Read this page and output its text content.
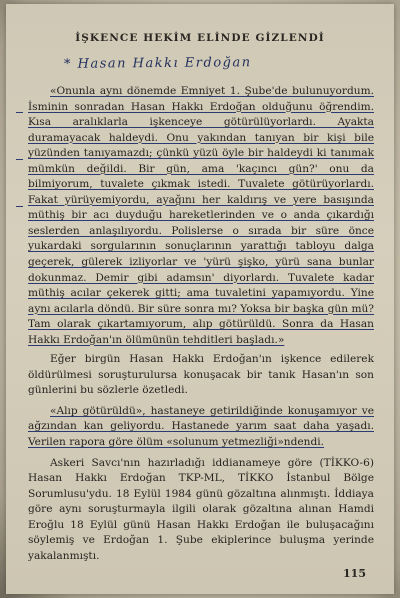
İŞKENCE HEKİM ELİNDE GİZLENDİ
* Hasan Hakkı Erdoğan

«Onunla aynı dönemde Emniyet 1. Şube'de bulunuyordum. İsminin sonradan Hasan Hakkı Erdoğan olduğunu öğrendim. Kısa aralıklarla işkenceye götürülüyorlardı. Ayakta duramayacak haldeydi. Onu yakından tanıyan bir kişi bile yüzünden tanıyamazdı; çünkü yüzü öyle bir haldeydi ki tanımak mümkün değildi. Bir gün, ama 'kaçıncı gün?' onu da bilmiyorum, tuvalete çıkmak istedi. Tuvalete götürüyorlardı. Fakat yürüyemiyordu, ayağını her kaldırış ve yere basışında müthiş bir acı duyduğu hareketlerinden ve o anda çıkardığı seslerden anlaşılıyordu. Polislerse o sırada bir süre önce yukardaki sorgularının sonuçlarının yarattığı tabloyu dalga geçerek, gülerek izliyorlar ve 'yürü şişko, yürü sana bunlar dokunmaz. Demir gibi adamsın' diyorlardı. Tuvalete kadar müthiş acılar çekerek gitti; ama tuvaletini yapamıyordu. Yine aynı acılarla döndü. Bir süre sonra mı? Yoksa bir başka gün mü? Tam olarak çıkartamıyorum, alıp götürüldü. Sonra da Hasan Hakkı Erdoğan'ın ölümünün tehditleri başladı.»

Eğer birgün Hasan Hakkı Erdoğan'ın işkence edilerek öldürülmesi soruşturulursa konuşacak bir tanık Hasan'ın son günlerini bu sözlerle özetledi.

«Alıp götürüldü», hastaneye getirildiğinde konuşamıyor ve ağzından kan geliyordu. Hastanede yarım saat daha yaşadı. Verilen rapora göre ölüm «solunum yetmezliği»ndendi.

Askeri Savcı'nın hazırladığı iddianameye göre (TİKKO-6) Hasan Hakkı Erdoğan TKP-ML, TİKKO İstanbul Bölge Sorumlusu'ydu. 18 Eylül 1984 günü gözaltına alınmıştı. İddiaya göre aynı soruşturmayla ilgili olarak gözaltına alınan Hamdi Eroğlu 18 Eylül günü Hasan Hakkı Erdoğan ile buluşacağını söylemiş ve Erdoğan 1. Şube ekiplerince buluşma yerinde yakalanmıştı.

115
